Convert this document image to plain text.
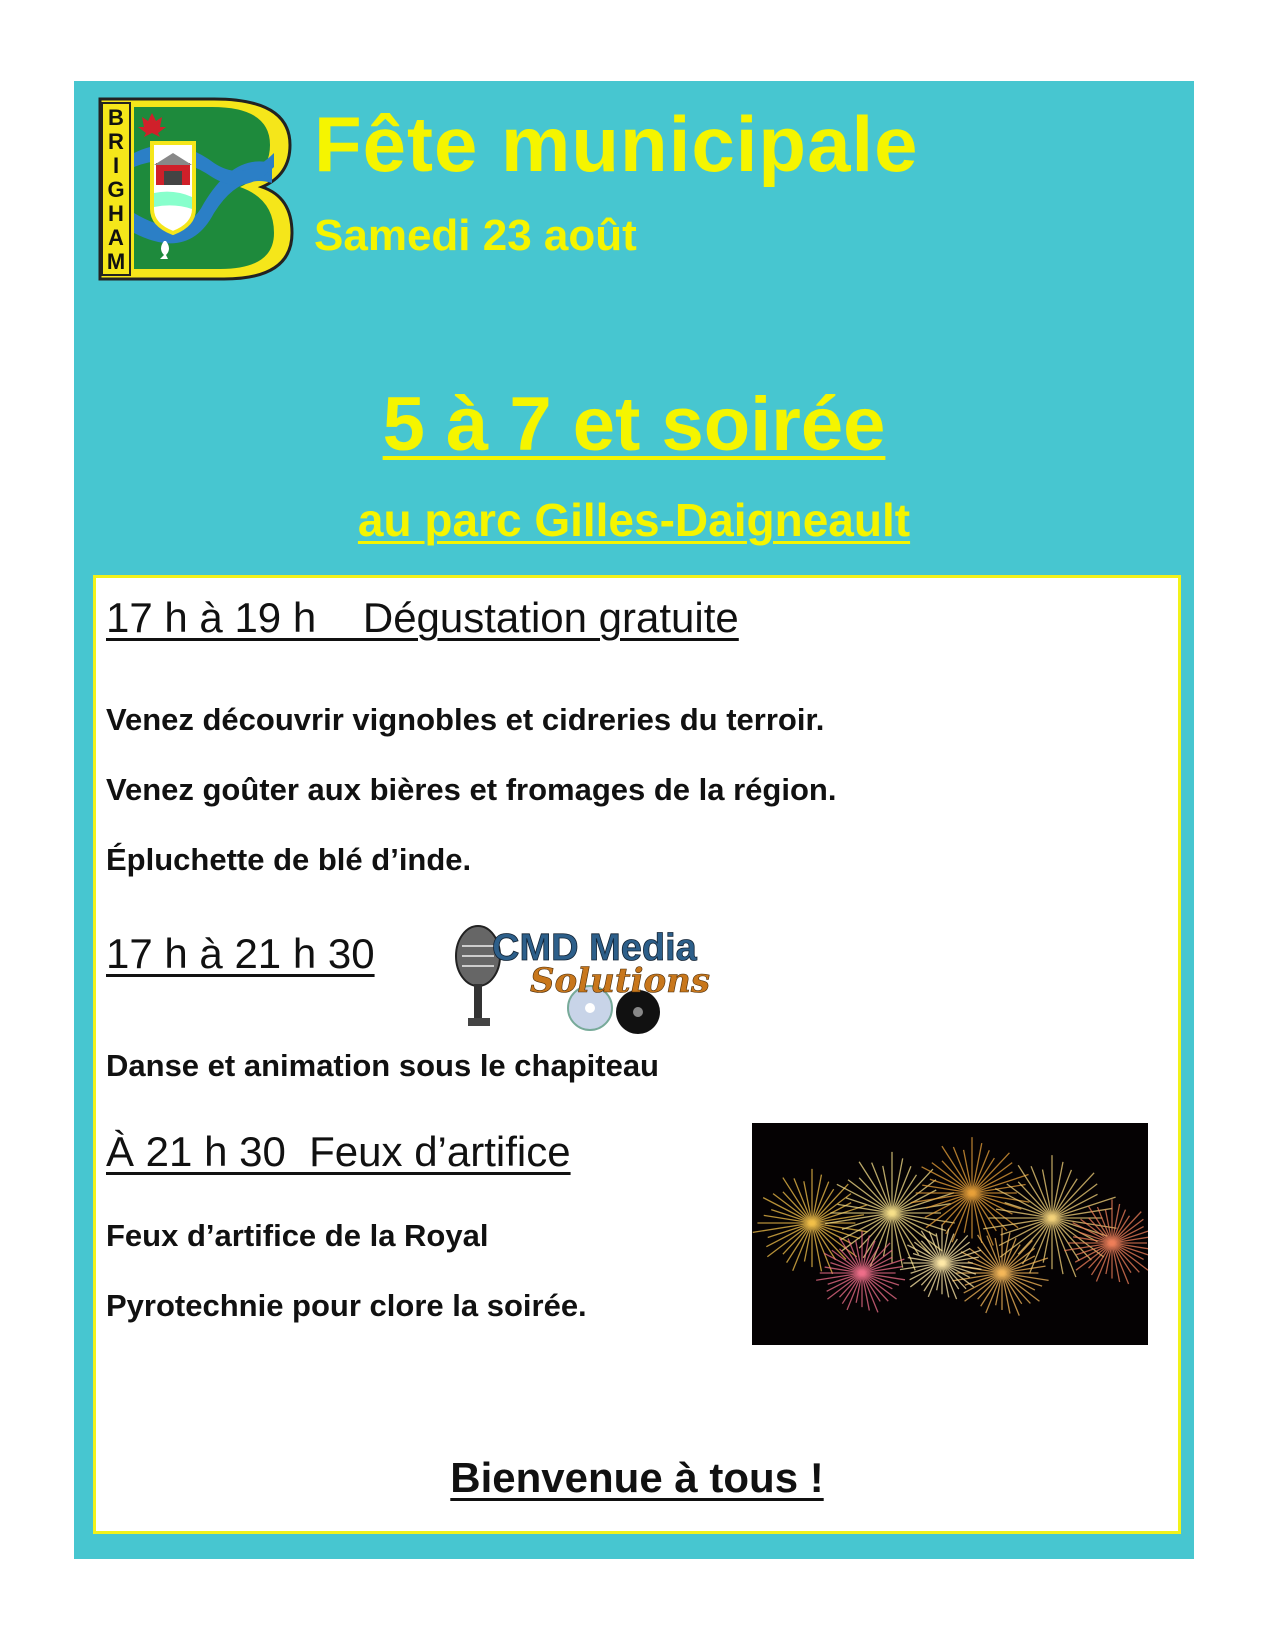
B
R
I
G
H
A
M
Fête municipale
Samedi 23 août
5 à 7 et soirée
au parc Gilles-Daigneault
17 h à 19 h    Dégustation gratuite
Venez découvrir vignobles et cidreries du terroir.
Venez goûter aux bières et fromages de la région.
Épluchette de blé d’inde.
17 h à 21 h 30	CMD Media
Solutions
Danse et animation sous le chapiteau
À 21 h 30  Feux d’artifice
Feux d’artifice de la Royal
Pyrotechnie pour clore la soirée.
Bienvenue à tous !
